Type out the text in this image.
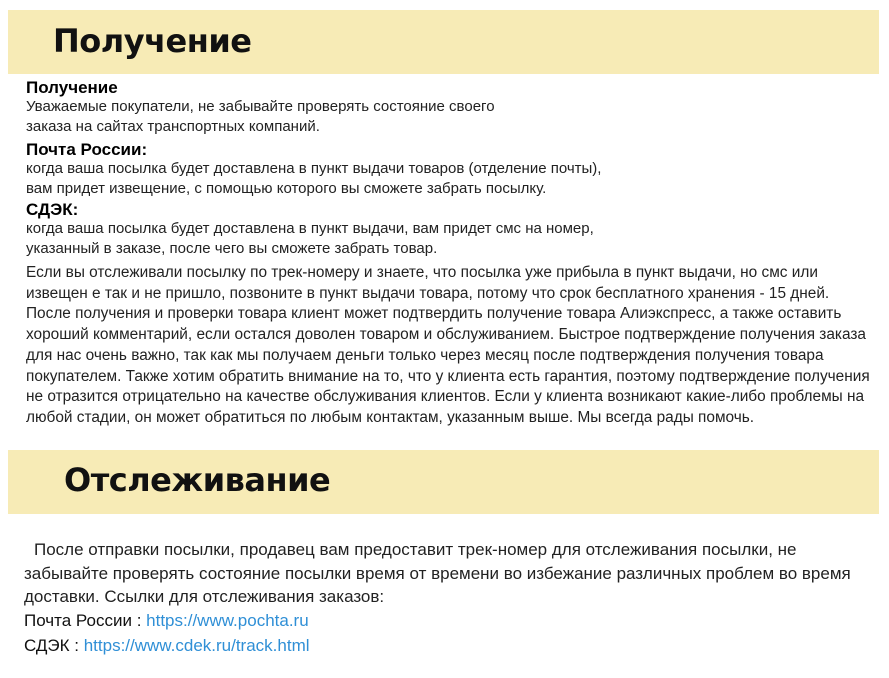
Получение
Получение
Уважаемые покупатели, не забывайте проверять состояние своего
заказа на сайтах транспортных компаний.
Почта России:
когда ваша посылка будет доставлена в пункт выдачи товаров (отделение почты),
вам придет извещение, с помощью которого вы сможете забрать посылку.
СДЭК:
когда ваша посылка будет доставлена в пункт выдачи, вам придет смс на номер,
указанный в заказе, после чего вы сможете забрать товар.
Если вы отслеживали посылку по трек-номеру и знаете, что посылка уже прибыла в пункт выдачи, но смс или извещен е так и не пришло, позвоните в пункт выдачи товара, потому что срок бесплатного хранения - 15 дней. После получения и проверки товара клиент может подтвердить получение товара Алиэкспресс, а также оставить хороший комментарий, если остался доволен товаром и обслуживанием. Быстрое подтверждение получения заказа для нас очень важно, так как мы получаем деньги только через месяц после подтверждения получения товара покупателем. Также хотим обратить внимание на то, что у клиента есть гарантия, поэтому подтверждение получения не отразится отрицательно на качестве обслуживания клиентов. Если у клиента возникают какие-либо проблемы на любой стадии, он может обратиться по любым контактам, указанным выше. Мы всегда рады помочь.
Отслеживание
После отправки посылки, продавец вам предоставит трек-номер для отслеживания посылки, не забывайте проверять состояние посылки время от времени во избежание различных проблем во время доставки. Ссылки для отслеживания заказов:
Почта России : https://www.pochta.ru
СДЭК : https://www.cdek.ru/track.html
